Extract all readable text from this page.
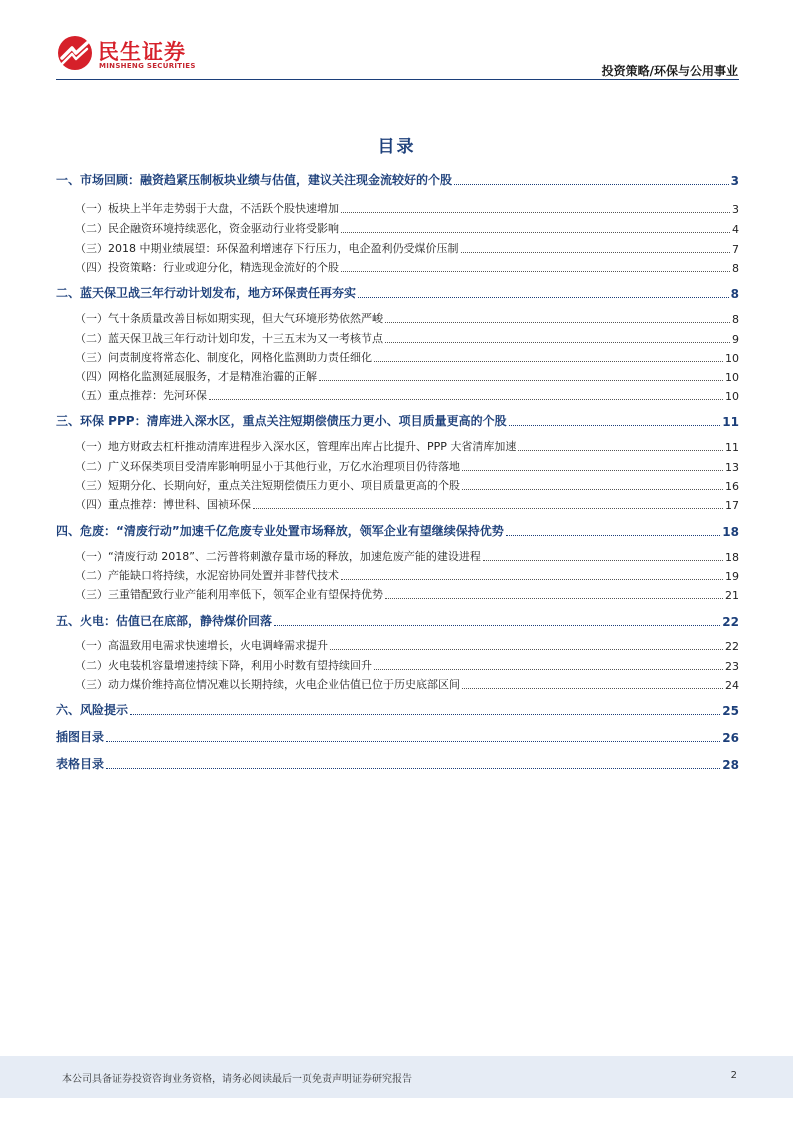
民生证券
MINSHENG SECURITIES	投资策略/环保与公用事业
目录
一、市场回顾：融资趋紧压制板块业绩与估值，建议关注现金流较好的个股	3
（一）板块上半年走势弱于大盘，不活跃个股快速增加	3
（二）民企融资环境持续恶化，资金驱动行业将受影响	4
（三）2018 中期业绩展望：环保盈利增速存下行压力，电企盈利仍受煤价压制	7
（四）投资策略：行业或迎分化，精选现金流好的个股	8
二、蓝天保卫战三年行动计划发布，地方环保责任再夯实	8
（一）气十条质量改善目标如期实现，但大气环境形势依然严峻	8
（二）蓝天保卫战三年行动计划印发，十三五末为又一考核节点	9
（三）问责制度将常态化、制度化，网格化监测助力责任细化	10
（四）网格化监测延展服务，才是精准治霾的正解	10
（五）重点推荐：先河环保	10
三、环保 PPP：清库进入深水区，重点关注短期偿债压力更小、项目质量更高的个股	11
（一）地方财政去杠杆推动清库进程步入深水区，管理库出库占比提升、PPP 大省清库加速	11
（二）广义环保类项目受清库影响明显小于其他行业，万亿水治理项目仍待落地	13
（三）短期分化、长期向好，重点关注短期偿债压力更小、项目质量更高的个股	16
（四）重点推荐：博世科、国祯环保	17
四、危废：“清废行动”加速千亿危废专业处置市场释放，领军企业有望继续保持优势	18
（一）“清废行动 2018”、二污普将刺激存量市场的释放，加速危废产能的建设进程	18
（二）产能缺口将持续，水泥窑协同处置并非替代技术	19
（三）三重错配致行业产能利用率低下，领军企业有望保持优势	21
五、火电：估值已在底部，静待煤价回落	22
（一）高温致用电需求快速增长，火电调峰需求提升	22
（二）火电装机容量增速持续下降，利用小时数有望持续回升	23
（三）动力煤价维持高位情况难以长期持续，火电企业估值已位于历史底部区间	24
六、风险提示	25
插图目录	26
表格目录	28
本公司具备证券投资咨询业务资格，请务必阅读最后一页免责声明证券研究报告	2
